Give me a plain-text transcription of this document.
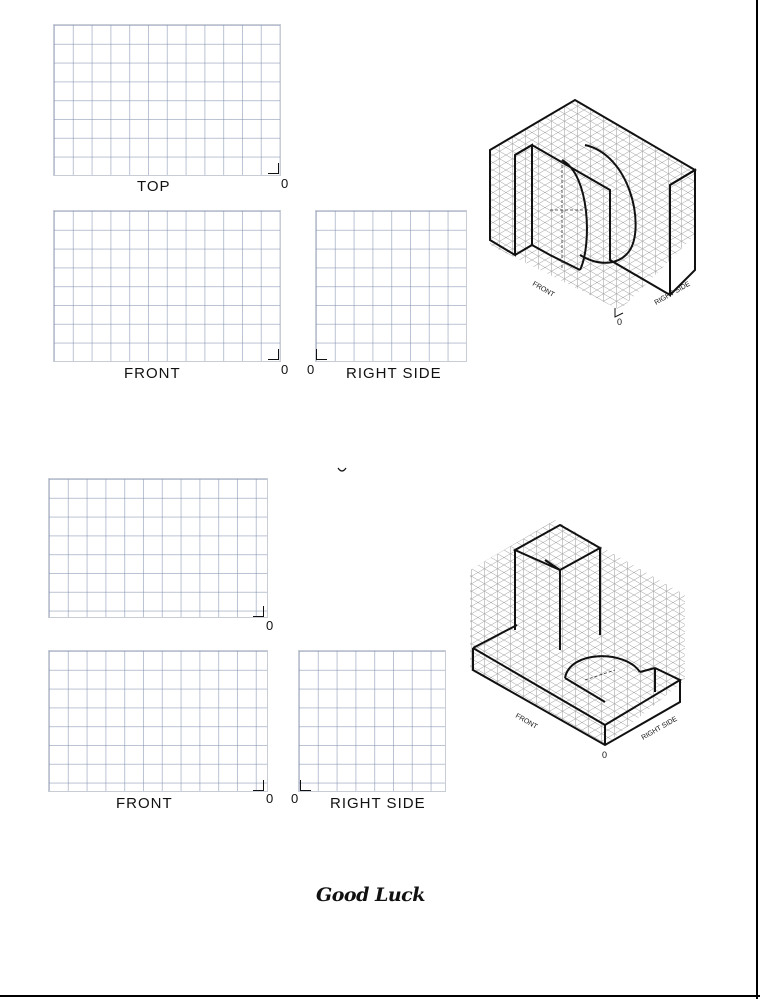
0
TOP
0
FRONT	0 RIGHT SIDE
FRONT	RIGHT SIDE
0
0
0
FRONT	0 RIGHT SIDE
FRONT	RIGHT SIDE
0
Good Luck
